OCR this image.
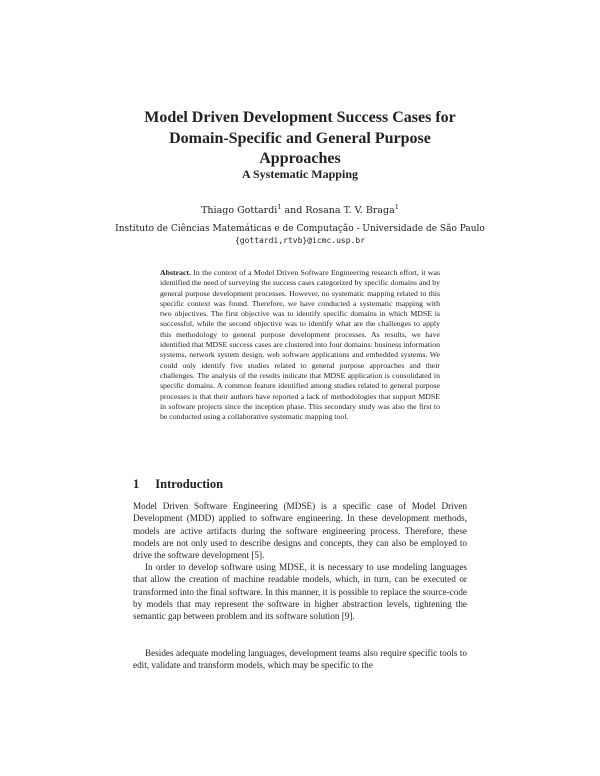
Model Driven Development Success Cases for
Domain-Specific and General Purpose
Approaches
A Systematic Mapping
Thiago Gottardi$^1$ and Rosana T. V. Braga$^1$
Instituto de Ciências Matemáticas e de Computação - Universidade de São Paulo
{gottardi,rtvb}@icmc.usp.br
Abstract. In the context of a Model Driven Software Engineering research effort, it was identified the need of surveying the success cases categorized by specific domains and by general purpose development processes. However, no systematic mapping related to this specific context was found. Therefore, we have conducted a systematic mapping with two objectives. The first objective was to identify specific domains in which MDSE is successful, while the second objective was to identify what are the challenges to apply this methodology to general purpose development processes. As results, we have identified that MDSE success cases are clustered into four domains: business information systems, network system design, web software applications and embedded systems. We could only identify five studies related to general purpose approaches and their challenges. The analysis of the results indicate that MDSE application is consolidated in specific domains. A common feature identified among studies related to general purpose processes is that their authors have reported a lack of methodologies that support MDSE in software projects since the inception phase. This secondary study was also the first to be conducted using a collaborative systematic mapping tool.
1 Introduction
Model Driven Software Engineering (MDSE) is a specific case of Model Driven Development (MDD) applied to software engineering. In these development methods, models are active artifacts during the software engineering process. Therefore, these models are not only used to describe designs and concepts, they can also be employed to drive the software development [5].
In order to develop software using MDSE, it is necessary to use modeling languages that allow the creation of machine readable models, which, in turn, can be executed or transformed into the final software. In this manner, it is possible to replace the source-code by models that may represent the software in higher abstraction levels, tightening the semantic gap between problem and its software solution [9].
Besides adequate modeling languages, development teams also require specific tools to edit, validate and transform models, which may be specific to the
